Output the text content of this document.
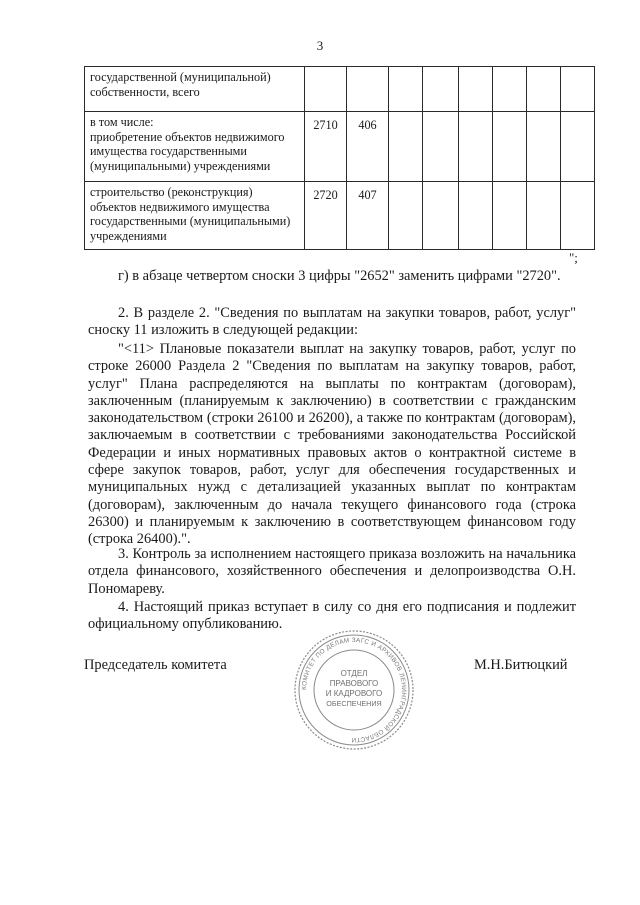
3
государственной (муниципальной) собственности, всего								
в том числе:
приобретение объектов недвижимого имущества государственными (муниципальными) учреждениями	2710	406						
строительство (реконструкция) объектов недвижимого имущества государственными (муниципальными) учреждениями	2720	407						
";

г) в абзаце четвертом сноски 3 цифры "2652" заменить цифрами "2720".

2. В разделе 2. "Сведения по выплатам на закупки товаров, работ, услуг" сноску 11 изложить в следующей редакции:

"<11> Плановые показатели выплат на закупку товаров, работ, услуг по строке 26000 Раздела 2 "Сведения по выплатам на закупку товаров, работ, услуг" Плана распределяются на выплаты по контрактам (договорам), заключенным (планируемым к заключению) в соответствии с гражданским законодательством (строки 26100 и 26200), а также по контрактам (договорам), заключаемым в соответствии с требованиями законодательства Российской Федерации и иных нормативных правовых актов о контрактной системе в сфере закупок товаров, работ, услуг для обеспечения государственных и муниципальных нужд с детализацией указанных выплат по контрактам (договорам), заключенным до начала текущего финансового года (строка 26300) и планируемым к заключению в соответствующем финансовом году (строка 26400).".

3. Контроль за исполнением настоящего приказа возложить на начальника отдела финансового, хозяйственного обеспечения и делопроизводства О.Н. Пономареву.

4. Настоящий приказ вступает в силу со дня его подписания и подлежит официальному опубликованию.

Председатель комитета	М.Н.Битюцкий
КОМИТЕТ ПО ДЕЛАМ ЗАГС И АРХИВОВ ЛЕНИНГРАДСКОЙ ОБЛАСТИ
ОТДЕЛ
ПРАВОВОГО
И КАДРОВОГО
ОБЕСПЕЧЕНИЯ
